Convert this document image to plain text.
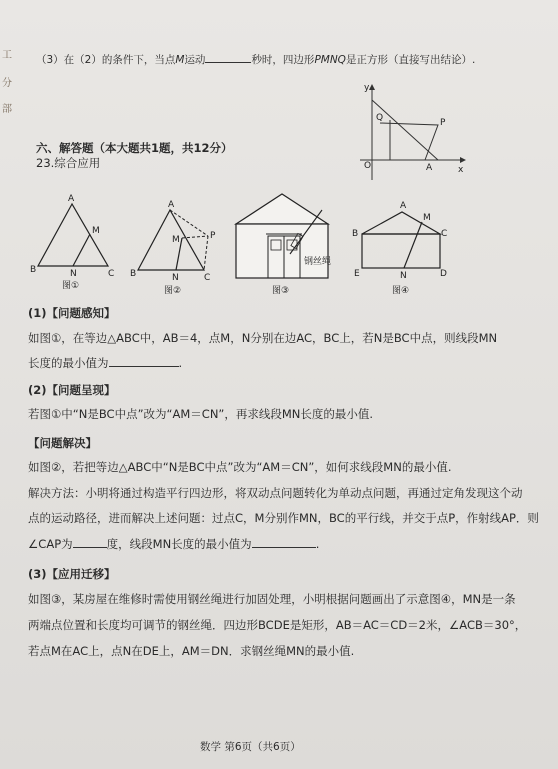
工
分
部
（3）在（2）的条件下，当点M运动	秒时，四边形PMNQ是正方形（直接写出结论）.
y
x
O
Q	P
A
六、解答题（本大题共1题，共12分）
23.综合应用
A
M
B	N	C
图①
A
M	P
B	N	C
图②
钢丝绳
图③
A
M
B	C
E	N	D
图④
(1)【问题感知】
如图①，在等边△ABC中，AB＝4，点M，N分别在边AC，BC上，若N是BC中点，则线段MN
长度的最小值为	.
(2)【问题呈现】
若图①中“N是BC中点”改为“AM＝CN”，再求线段MN长度的最小值.
【问题解决】
如图②，若把等边△ABC中“N是BC中点”改为“AM＝CN”，如何求线段MN的最小值.
解决方法：小明将通过构造平行四边形，将双动点问题转化为单动点问题，再通过定角发现这个动
点的运动路径，进而解决上述问题：过点C，M分别作MN，BC的平行线，并交于点P，作射线AP．则
∠CAP为	度，线段MN长度的最小值为	.
(3)【应用迁移】
如图③，某房屋在维修时需使用钢丝绳进行加固处理，小明根据问题画出了示意图④，MN是一条
两端点位置和长度均可调节的钢丝绳．四边形BCDE是矩形，AB＝AC＝CD＝2米，∠ACB＝30°，
若点M在AC上，点N在DE上，AM＝DN．求钢丝绳MN的最小值.
数学 第6页（共6页）
